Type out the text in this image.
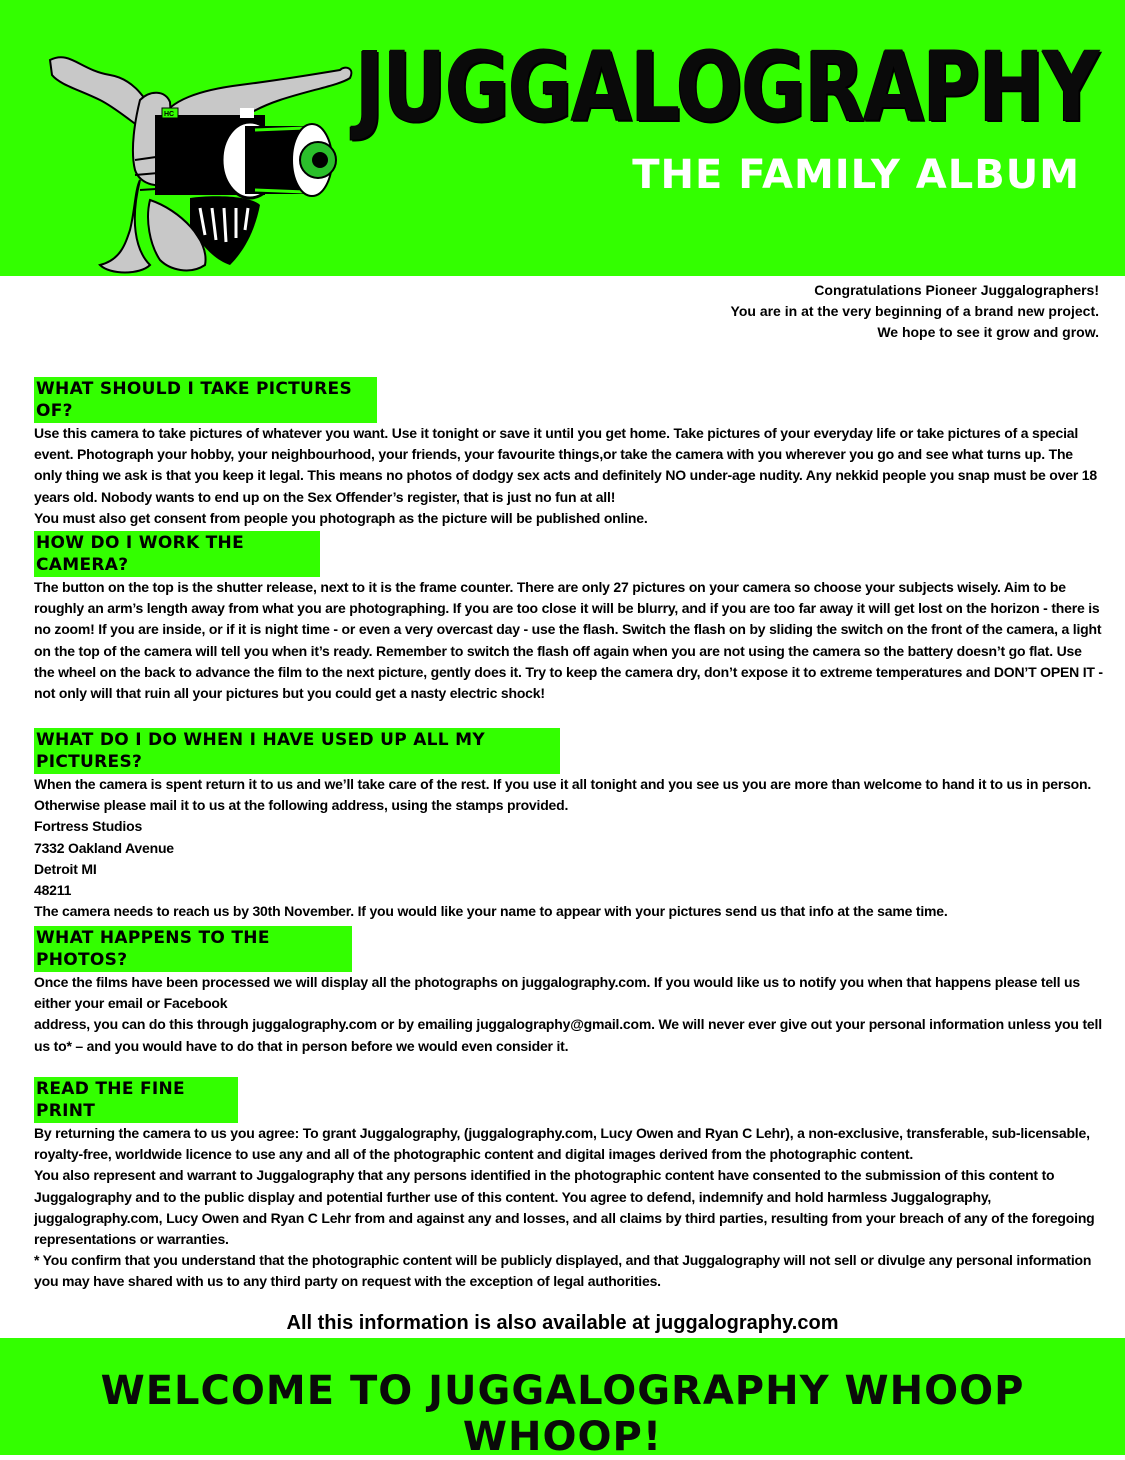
HC JUGGALOGRAPHY
THE FAMILY ALBUM
Congratulations Pioneer Juggalographers!
You are in at the very beginning of a brand new project.
We hope to see it grow and grow.
WHAT SHOULD I TAKE PICTURES OF?

Use this camera to take pictures of whatever you want. Use it tonight or save it until you get home. Take pictures of your everyday life or take pictures of a special event. Photograph your hobby, your neighbourhood, your friends, your favourite things,or take the camera with you wherever you go and see what turns up. The only thing we ask is that you keep it legal. This means no photos of dodgy sex acts and definitely NO under-age nudity. Any nekkid people you snap must be over 18 years old. Nobody wants to end up on the Sex Offender’s register, that is just no fun at all!

You must also get consent from people you photograph as the picture will be published online.

HOW DO I WORK THE CAMERA?

The button on the top is the shutter release, next to it is the frame counter. There are only 27 pictures on your camera so choose your subjects wisely. Aim to be roughly an arm’s length away from what you are photographing. If you are too close it will be blurry, and if you are too far away it will get lost on the horizon - there is no zoom! If you are inside, or if it is night time - or even a very overcast day - use the flash. Switch the flash on by sliding the switch on the front of the camera, a light on the top of the camera will tell you when it’s ready. Remember to switch the flash off again when you are not using the camera so the battery doesn’t go flat. Use the wheel on the back to advance the film to the next picture, gently does it. Try to keep the camera dry, don’t expose it to extreme temperatures and DON’T OPEN IT - not only will that ruin all your pictures but you could get a nasty electric shock!

WHAT DO I DO WHEN I HAVE USED UP ALL MY PICTURES?

When the camera is spent return it to us and we’ll take care of the rest. If you use it all tonight and you see us you are more than welcome to hand it to us in person. Otherwise please mail it to us at the following address, using the stamps provided.

Fortress Studios

7332 Oakland Avenue

Detroit MI

48211

The camera needs to reach us by 30th November. If you would like your name to appear with your pictures send us that info at the same time.

WHAT HAPPENS TO THE PHOTOS?

Once the films have been processed we will display all the photographs on juggalography.com. If you would like us to notify you when that happens please tell us either your email or Facebook

address, you can do this through juggalography.com or by emailing juggalography@gmail.com. We will never ever give out your personal information unless you tell us to* – and you would have to do that in person before we would even consider it.

READ THE FINE PRINT

By returning the camera to us you agree: To grant Juggalography, (juggalography.com, Lucy Owen and Ryan C Lehr), a non-exclusive, transferable, sub-licensable, royalty-free, worldwide licence to use any and all of the photographic content and digital images derived from the photographic content.

You also represent and warrant to Juggalography that any persons identified in the photographic content have consented to the submission of this content to Juggalography and to the public display and potential further use of this content. You agree to defend, indemnify and hold harmless Juggalography, juggalography.com, Lucy Owen and Ryan C Lehr from and against any and losses, and all claims by third parties, resulting from your breach of any of the foregoing representations or warranties.

* You confirm that you understand that the photographic content will be publicly displayed, and that Juggalography will not sell or divulge any personal information you may have shared with us to any third party on request with the exception of legal authorities.

All this information is also available at juggalography.com
WELCOME TO JUGGALOGRAPHY WHOOP WHOOP!
